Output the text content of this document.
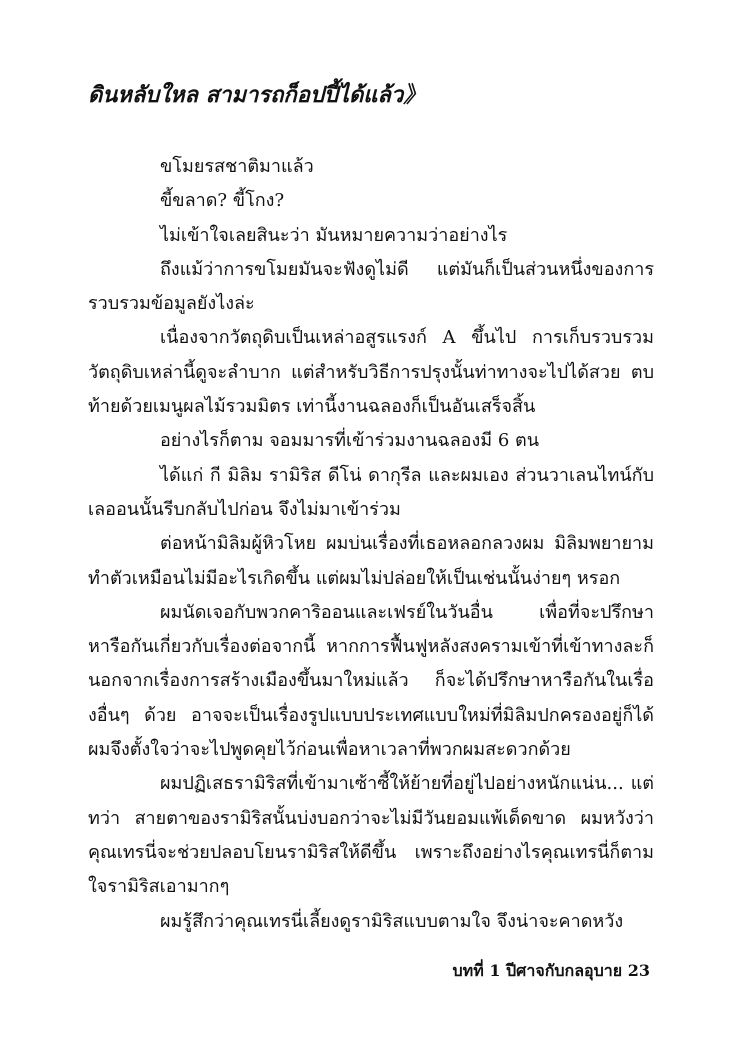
ดินหลับใหล สามารถก็อปปี้ได้แล้ว》

ขโมยรสชาติมาแล้ว

ขี้ขลาด? ขี้โกง?

ไม่เข้าใจเลยสินะว่า มันหมายความว่าอย่างไร

ถึงแม้ว่าการขโมยมันจะฟังดูไม่ดี แต่มันก็เป็นส่วนหนึ่งของการรวบรวมข้อมูลยังไงล่ะ

เนื่องจากวัตถุดิบเป็นเหล่าอสูรแรงก์ A ขึ้นไป การเก็บรวบรวมวัตถุดิบเหล่านี้ดูจะลำบาก แต่สำหรับวิธีการปรุงนั้นท่าทางจะไปได้สวย ตบท้ายด้วยเมนูผลไม้รวมมิตร เท่านี้งานฉลองก็เป็นอันเสร็จสิ้น

อย่างไรก็ตาม จอมมารที่เข้าร่วมงานฉลองมี 6 ตน

ได้แก่ กี มิลิม รามิริส ดีโน่ ดากุรีล และผมเอง ส่วนวาเลนไทน์กับเลออนนั้นรีบกลับไปก่อน จึงไม่มาเข้าร่วม

ต่อหน้ามิลิมผู้หิวโหย ผมบ่นเรื่องที่เธอหลอกลวงผม มิลิมพยายามทำตัวเหมือนไม่มีอะไรเกิดขึ้น แต่ผมไม่ปล่อยให้เป็นเช่นนั้นง่ายๆ หรอก

ผมนัดเจอกับพวกคาริออนและเฟรย์ในวันอื่น เพื่อที่จะปรึกษาหารือกันเกี่ยวกับเรื่องต่อจากนี้ หากการฟื้นฟูหลังสงครามเข้าที่เข้าทางละก็ นอกจากเรื่องการสร้างเมืองขึ้นมาใหม่แล้ว ก็จะได้ปรึกษาหารือกันในเรื่องอื่นๆ ด้วย อาจจะเป็นเรื่องรูปแบบประเทศแบบใหม่ที่มิลิมปกครองอยู่ก็ได้ ผมจึงตั้งใจว่าจะไปพูดคุยไว้ก่อนเพื่อหาเวลาที่พวกผมสะดวกด้วย

ผมปฏิเสธรามิริสที่เข้ามาเซ้าซี้ให้ย้ายที่อยู่ไปอย่างหนักแน่น... แต่ทว่า สายตาของรามิริสนั้นบ่งบอกว่าจะไม่มีวันยอมแพ้เด็ดขาด ผมหวังว่าคุณเทรนี่จะช่วยปลอบโยนรามิริสให้ดีขึ้น เพราะถึงอย่างไรคุณเทรนี่ก็ตามใจรามิริสเอามากๆ

ผมรู้สึกว่าคุณเทรนี่เลี้ยงดูรามิริสแบบตามใจ จึงน่าจะคาดหวัง

บทที่ 1 ปีศาจกับกลอุบาย 23
